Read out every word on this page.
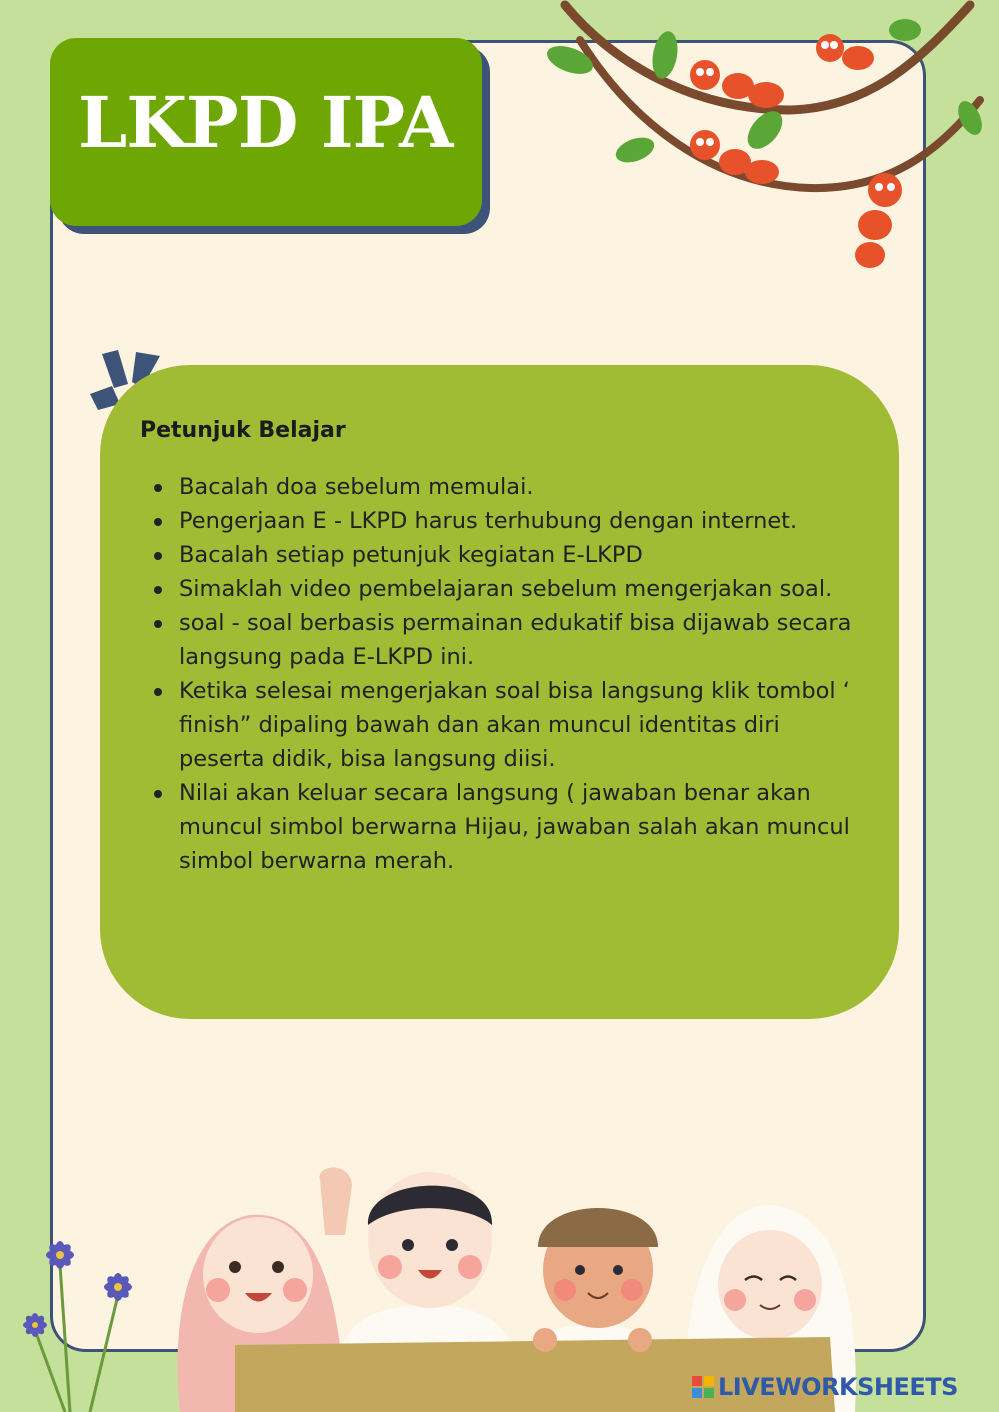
LKPD IPA
Petunjuk Belajar
Bacalah doa sebelum memulai.
Pengerjaan E - LKPD harus terhubung dengan internet.
Bacalah setiap petunjuk kegiatan E-LKPD
Simaklah video pembelajaran sebelum mengerjakan soal.
soal - soal berbasis permainan edukatif bisa dijawab secara langsung pada E-LKPD ini.
Ketika selesai mengerjakan soal bisa langsung klik tombol ‘ finish” dipaling bawah dan akan muncul identitas diri peserta didik, bisa langsung diisi.
Nilai akan keluar secara langsung ( jawaban benar akan muncul simbol berwarna Hijau, jawaban salah akan muncul simbol berwarna merah.
LIVEWORKSHEETS
